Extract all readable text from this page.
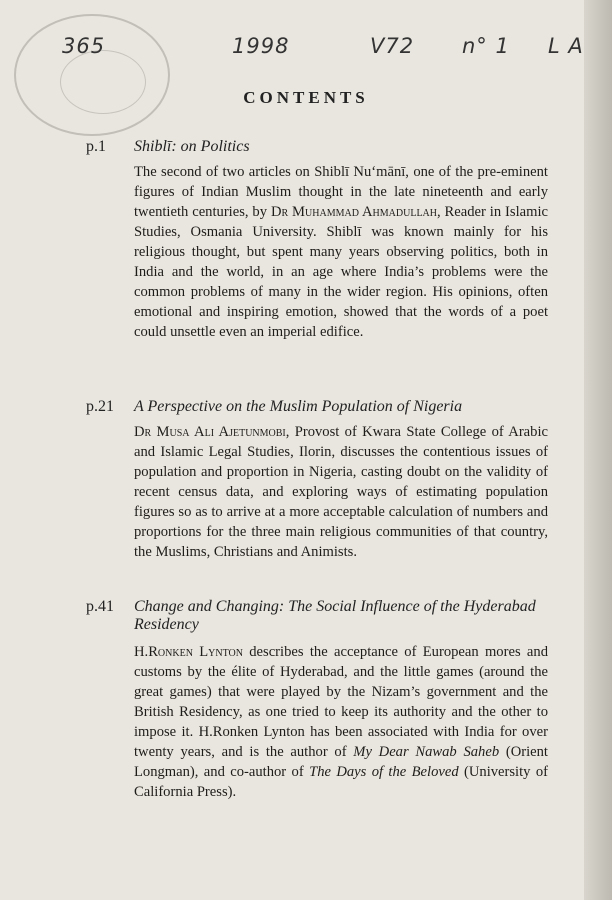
365	1998	V72 n° 1 L A
CONTENTS
p.1 Shiblī: on Politics
The second of two articles on Shiblī Nu‘mānī, one of the pre-eminent figures of Indian Muslim thought in the late nineteenth and early twentieth centuries, by Dr Muhammad Ahmadullah, Reader in Islamic Studies, Osmania University. Shiblī was known mainly for his religious thought, but spent many years observing politics, both in India and the world, in an age where India’s problems were the common problems of many in the wider region. His opinions, often emotional and inspiring emotion, showed that the words of a poet could unsettle even an imperial edifice.
p.21 A Perspective on the Muslim Population of Nigeria
Dr Musa Ali Ajetunmobi, Provost of Kwara State College of Arabic and Islamic Legal Studies, Ilorin, discusses the contentious issues of population and proportion in Nigeria, casting doubt on the validity of recent census data, and exploring ways of estimating population figures so as to arrive at a more acceptable calculation of numbers and proportions for the three main religious communities of that country, the Muslims, Christians and Animists.
p.41 Change and Changing: The Social Influence of the Hyderabad Residency
H.Ronken Lynton describes the acceptance of European mores and customs by the élite of Hyderabad, and the little games (around the great games) that were played by the Nizam’s government and the British Residency, as one tried to keep its authority and the other to impose it. H.Ronken Lynton has been associated with India for over twenty years, and is the author of My Dear Nawab Saheb (Orient Longman), and co-author of The Days of the Beloved (University of California Press).
